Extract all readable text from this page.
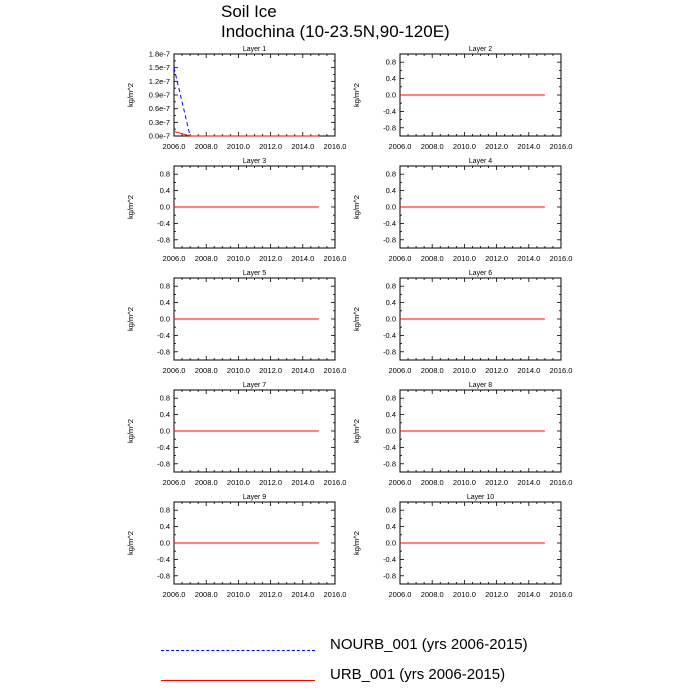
Soil Ice
Indochina (10-23.5N,90-120E)
Layer 1
2006.0 2008.0 2010.0 2012.0 2014.0 2016.0
0.0e-7
0.3e-7
0.6e-7
0.9e-7
1.2e-7
1.5e-7
1.8e-7
kg/m^2
Layer 2
2006.0 2008.0 2010.0 2012.0 2014.0 2016.0
-0.8
-0.4
0.0
0.4
0.8
kg/m^2
Layer 3
2006.0 2008.0 2010.0 2012.0 2014.0 2016.0
-0.8
-0.4
0.0
0.4
0.8
kg/m^2
Layer 4
2006.0 2008.0 2010.0 2012.0 2014.0 2016.0
-0.8
-0.4
0.0
0.4
0.8
kg/m^2
Layer 5
2006.0 2008.0 2010.0 2012.0 2014.0 2016.0
-0.8
-0.4
0.0
0.4
0.8
kg/m^2
Layer 6
2006.0 2008.0 2010.0 2012.0 2014.0 2016.0
-0.8
-0.4
0.0
0.4
0.8
kg/m^2
Layer 7
2006.0 2008.0 2010.0 2012.0 2014.0 2016.0
-0.8
-0.4
0.0
0.4
0.8
kg/m^2
Layer 8
2006.0 2008.0 2010.0 2012.0 2014.0 2016.0
-0.8
-0.4
0.0
0.4
0.8
kg/m^2
Layer 9
2006.0 2008.0 2010.0 2012.0 2014.0 2016.0
-0.8
-0.4
0.0
0.4
0.8
kg/m^2
Layer 10
2006.0 2008.0 2010.0 2012.0 2014.0 2016.0
-0.8
-0.4
0.0
0.4
0.8
kg/m^2
NOURB_001 (yrs 2006-2015)
URB_001 (yrs 2006-2015)
